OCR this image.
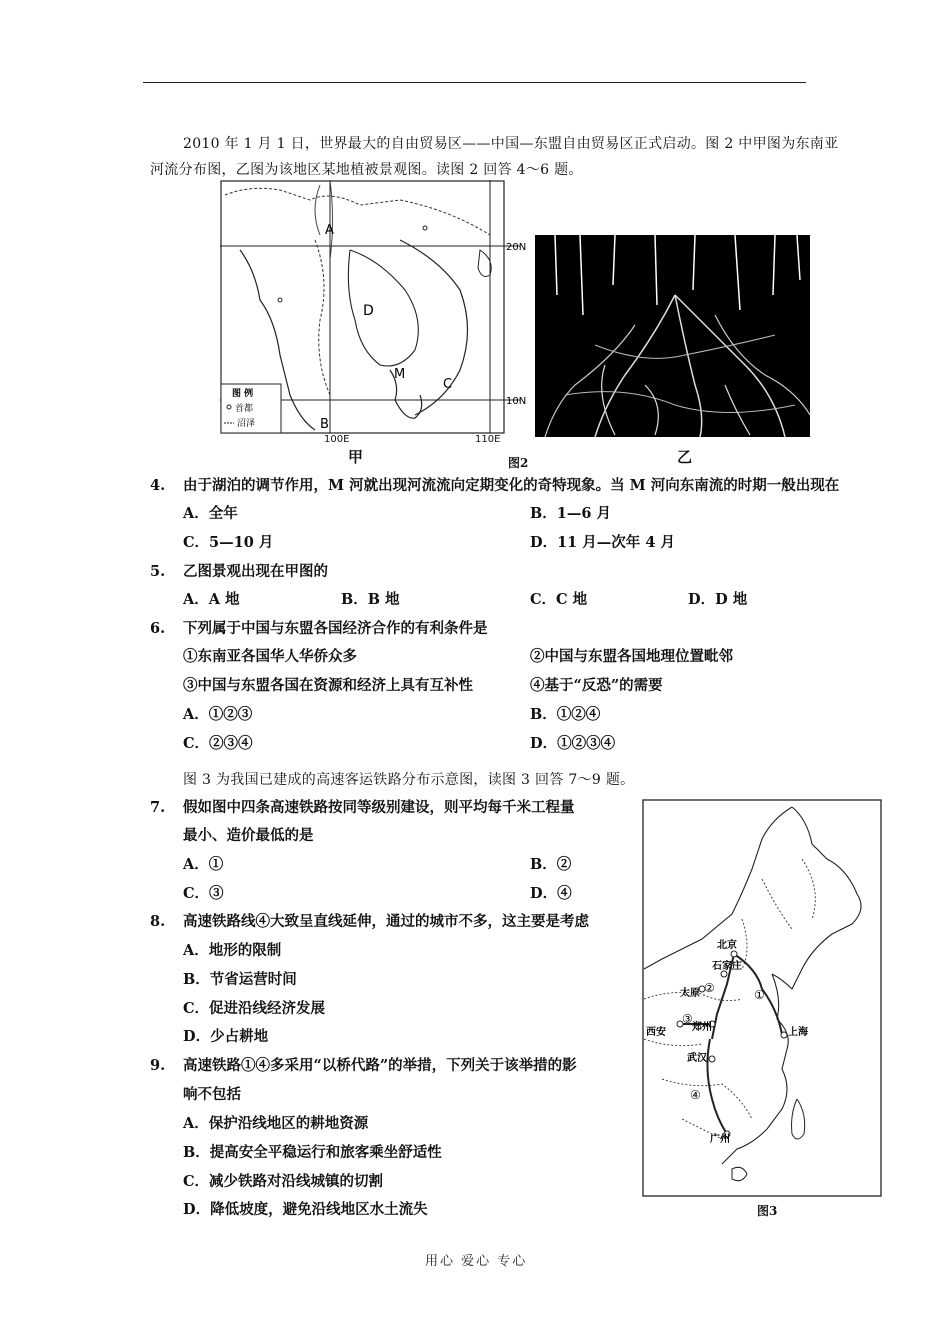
2010 年 1 月 1 日，世界最大的自由贸易区——中国—东盟自由贸易区正式启动。图 2 中甲图为东南亚
河流分布图，乙图为该地区某地植被景观图。读图 2 回答 4～6 题。
A
D
M
C
B
20N
10N
图 例
首都
沼泽
100E	110E
甲	图2	乙
4. 由于湖泊的调节作用，M 河就出现河流流向定期变化的奇特现象。当 M 河向东南流的时期一般出现在
A．全年	B．1—6 月
C．5—10 月	D．11 月—次年 4 月
5. 乙图景观出现在甲图的
A．A 地	B．B 地	C．C 地	D．D 地
6. 下列属于中国与东盟各国经济合作的有利条件是
①东南亚各国华人华侨众多	②中国与东盟各国地理位置毗邻
③中国与东盟各国在资源和经济上具有互补性	④基于“反恐”的需要
A．①②③	B．①②④
C．②③④	D．①②③④
图 3 为我国已建成的高速客运铁路分布示意图，读图 3 回答 7～9 题。
7. 假如图中四条高速铁路按同等级别建设，则平均每千米工程量
最小、造价最低的是
A．①	B．②
C．③	D．④
8. 高速铁路线④大致呈直线延伸，通过的城市不多，这主要是考虑
A．地形的限制
B．节省运营时间
C．促进沿线经济发展
D．少占耕地
9. 高速铁路①④多采用“以桥代路”的举措，下列关于该举措的影
响不包括
A．保护沿线地区的耕地资源
B．提高安全平稳运行和旅客乘坐舒适性
C．减少铁路对沿线城镇的切割
D．降低坡度，避免沿线地区水土流失
北京
石家庄
太原
西安	郑州	上海
武汉
广州
①
②
③
④
图3
用心 爱心 专心
